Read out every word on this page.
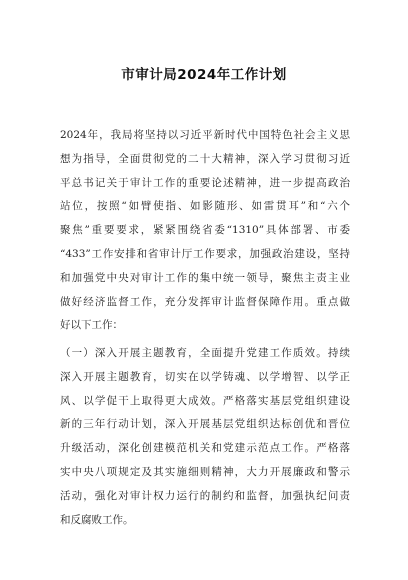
市审计局2024年工作计划
2024年，我局将坚持以习近平新时代中国特色社会主义思
想为指导，全面贯彻党的二十大精神，深入学习贯彻习近
平总书记关于审计工作的重要论述精神，进一步提高政治
站位，按照“如臂使指、如影随形、如雷贯耳”和“六个
聚焦”重要要求，紧紧围绕省委“1310”具体部署、市委
“433”工作安排和省审计厅工作要求，加强政治建设，坚持
和加强党中央对审计工作的集中统一领导，聚焦主责主业
做好经济监督工作，充分发挥审计监督保障作用。重点做
好以下工作：
（一）深入开展主题教育，全面提升党建工作质效。持续
深入开展主题教育，切实在以学铸魂、以学增智、以学正
风、以学促干上取得更大成效。严格落实基层党组织建设
新的三年行动计划，深入开展基层党组织达标创优和晋位
升级活动，深化创建模范机关和党建示范点工作。严格落
实中央八项规定及其实施细则精神，大力开展廉政和警示
活动，强化对审计权力运行的制约和监督，加强执纪问责
和反腐败工作。
